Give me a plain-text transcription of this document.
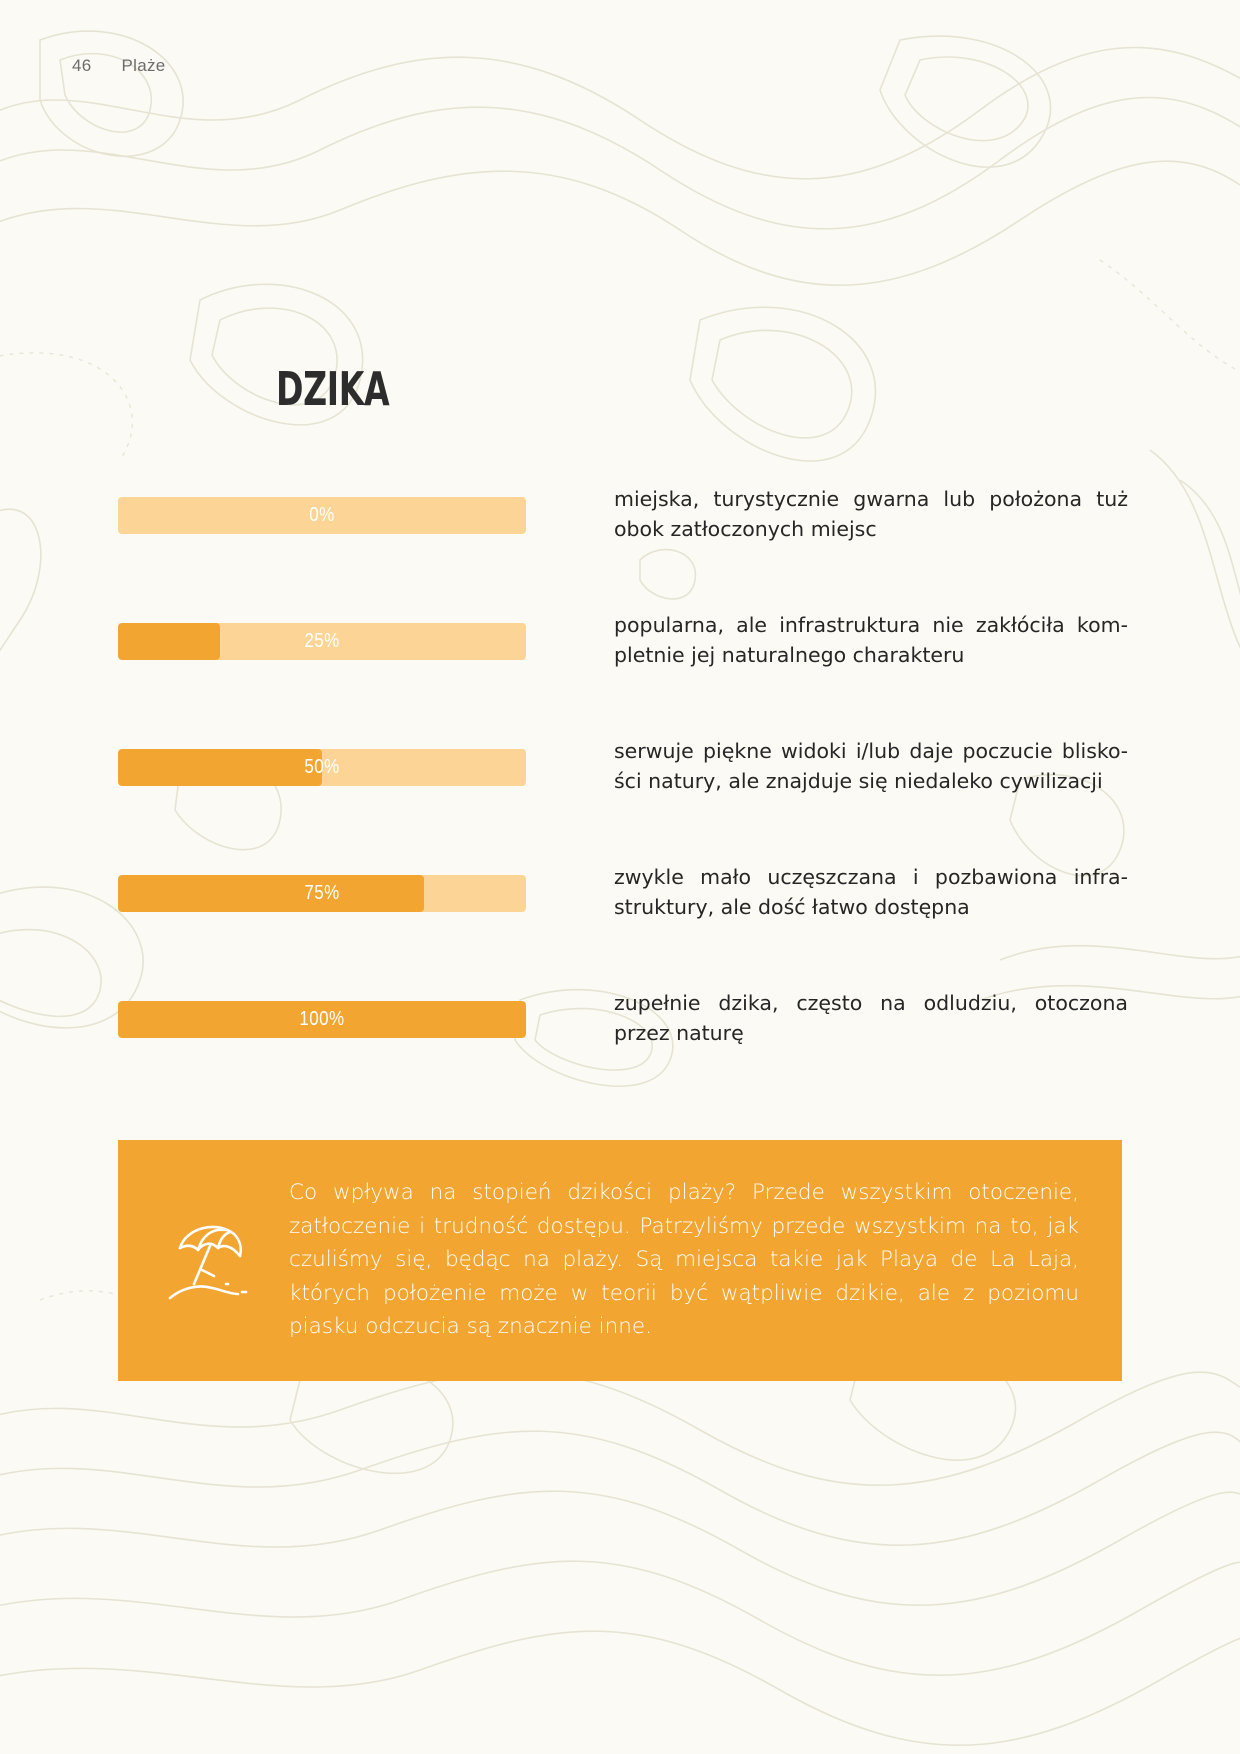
46 Plaże
DZIKA
0%
miejska, turystycznie gwarna lub położona tuż obok zatłoczonych miejsc
25%
popularna, ale infrastruktura nie zakłóciła kompletnie jej naturalnego charakteru
50%
serwuje piękne widoki i/lub daje poczucie bliskości natury, ale znajduje się niedaleko cywilizacji
75%
zwykle mało uczęszczana i pozbawiona infrastruktury, ale dość łatwo dostępna
100%
zupełnie dzika, często na odludziu, otoczona przez naturę
Co wpływa na stopień dzikości plaży? Przede wszystkim otoczenie, zatłoczenie i trudność dostępu. Patrzyliśmy przede wszystkim na to, jak czuliśmy się, będąc na plaży. Są miejsca takie jak Playa de La Laja, których położenie może w teorii być wątpliwie dzikie, ale z poziomu piasku odczucia są znacznie inne.
